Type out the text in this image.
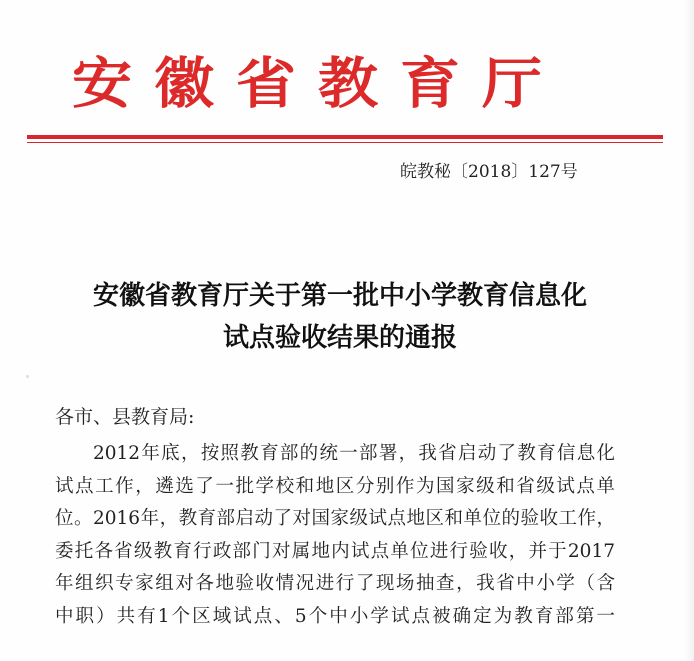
安徽省教育厅
皖教秘〔2018〕127号
安徽省教育厅关于第一批中小学教育信息化
试点验收结果的通报
各市、县教育局:
2012年底，按照教育部的统一部署，我省启动了教育信息化
试点工作，遴选了一批学校和地区分别作为国家级和省级试点单
位。2016年，教育部启动了对国家级试点地区和单位的验收工作，
委托各省级教育行政部门对属地内试点单位进行验收，并于2017
年组织专家组对各地验收情况进行了现场抽查，我省中小学（含
中职）共有1个区域试点、5个中小学试点被确定为教育部第一
